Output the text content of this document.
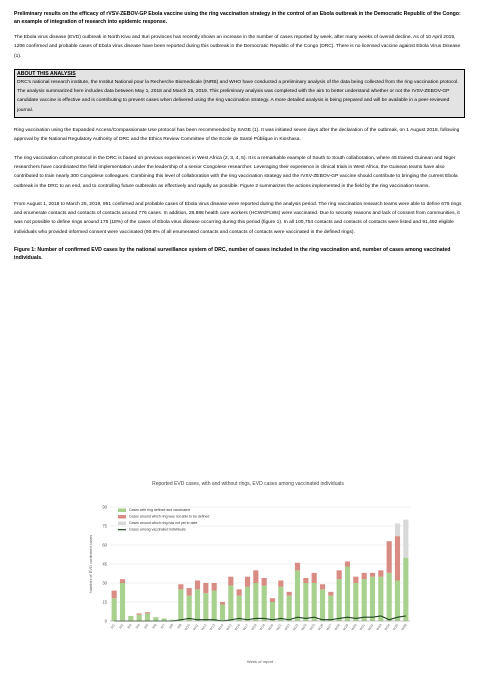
Preliminary results on the efficacy of rVSV-ZEBOV-GP Ebola vaccine using the ring vaccination strategy in the control of an Ebola outbreak in the Democratic Republic of the Congo: an example of integration of research into epidemic response.

The Ebola virus disease (EVD) outbreak in North Kivu and Ituri provinces has recently shown an increase in the number of cases reported by week, after many weeks of overall decline. As of 10 April 2019, 1206 confirmed and probable cases of Ebola virus disease have been reported during this outbreak in the Democratic Republic of the Congo (DRC). There is no licensed vaccine against Ebola Virus Disease (1).

ABOUT THIS ANALYSIS

DRC's national research institute, the Institut National pour la Recherche Biomedicale (INRB) and WHO have conducted a preliminary analysis of the data being collected from the ring vaccination protocol. The analysis summarized here includes data between May 1, 2018 and March 25, 2019. This preliminary analysis was completed with the aim to better understand whether or not the rVSV-ZEBOV-GP candidate vaccine is effective and is contributing to prevent cases when delivered using the ring vaccination strategy. A more detailed analysis is being prepared and will be available in a peer-reviewed journal.

Ring vaccination using the Expanded Access/Compassionate Use protocol has been recommended by SAGE (1). It was initiated seven days after the declaration of the outbreak, on 1 August 2018, following approval by the National Regulatory Authority of DRC and the Ethics Review Committee of the Ecole de Santé Pûblique in Kinshasa.

The ring vaccination cohort protocol in the DRC is based on previous experiences in West Africa (2, 3, 4, 5). It is a remarkable example of South to South collaboration, where 45 trained Guinean and Niger researchers have coordinated the field implementation under the leadership of a senior Congolese researcher. Leveraging their experience in clinical trials in West Africa, the Guinean teams have also contributed to train nearly 300 Congolese colleagues. Combining this level of collaboration with the ring vaccination strategy and the rVSV-ZEBOV-GP vaccine should contribute to bringing the current Ebola outbreak in the DRC to an end, and to controlling future outbreaks as effectively and rapidly as possible. Figure 2 summarizes the actions implemented in the field by the ring vaccination teams.

From August 1, 2018 to March 25, 2019, 951 confirmed and probable cases of Ebola virus disease were reported during the analysis period. The ring vaccination research teams were able to define 679 rings and enumerate contacts and contacts of contacts around 776 cases. In addition, 28,888 health care workers (HCWs/FLWs) were vaccinated. Due to security reasons and lack of consent from communities, it was not possible to define rings around 175 (18%) of the cases of Ebola virus disease occurring during this period (figure 1). In all 100,754 contacts and contacts of contacts were listed and 91,492 eligible individuals who provided informed consent were vaccinated (90.8% of all enumerated contacts and contacts of contacts were vaccinated in the defined rings).

Figure 1: Number of confirmed EVD cases by the national surveillance system of DRC, number of cases included in the ring vaccination and, number of cases among vaccinated individuals.

Reported EVD cases, with and without rings, EVD cases among vaccinated individuals
0
15
30
45
60
75
90
Number of EVD confirmed cases
W1 W2 W3 W4 W5 W6 W7 W8 W9 W10 W11 W12 W13 W14 W15 W16 W17 W18 W19 W20 W21 W22 W23 W24 W25 W26 W27 W28 W29 W30 W31 W32 W33 W34 W35 W36
Week of report
Cases with ring defined and vaccinated
Cases around which ring was not able to be defined
Cases around which ring has not yet to date
Cases among vaccinated individuals
